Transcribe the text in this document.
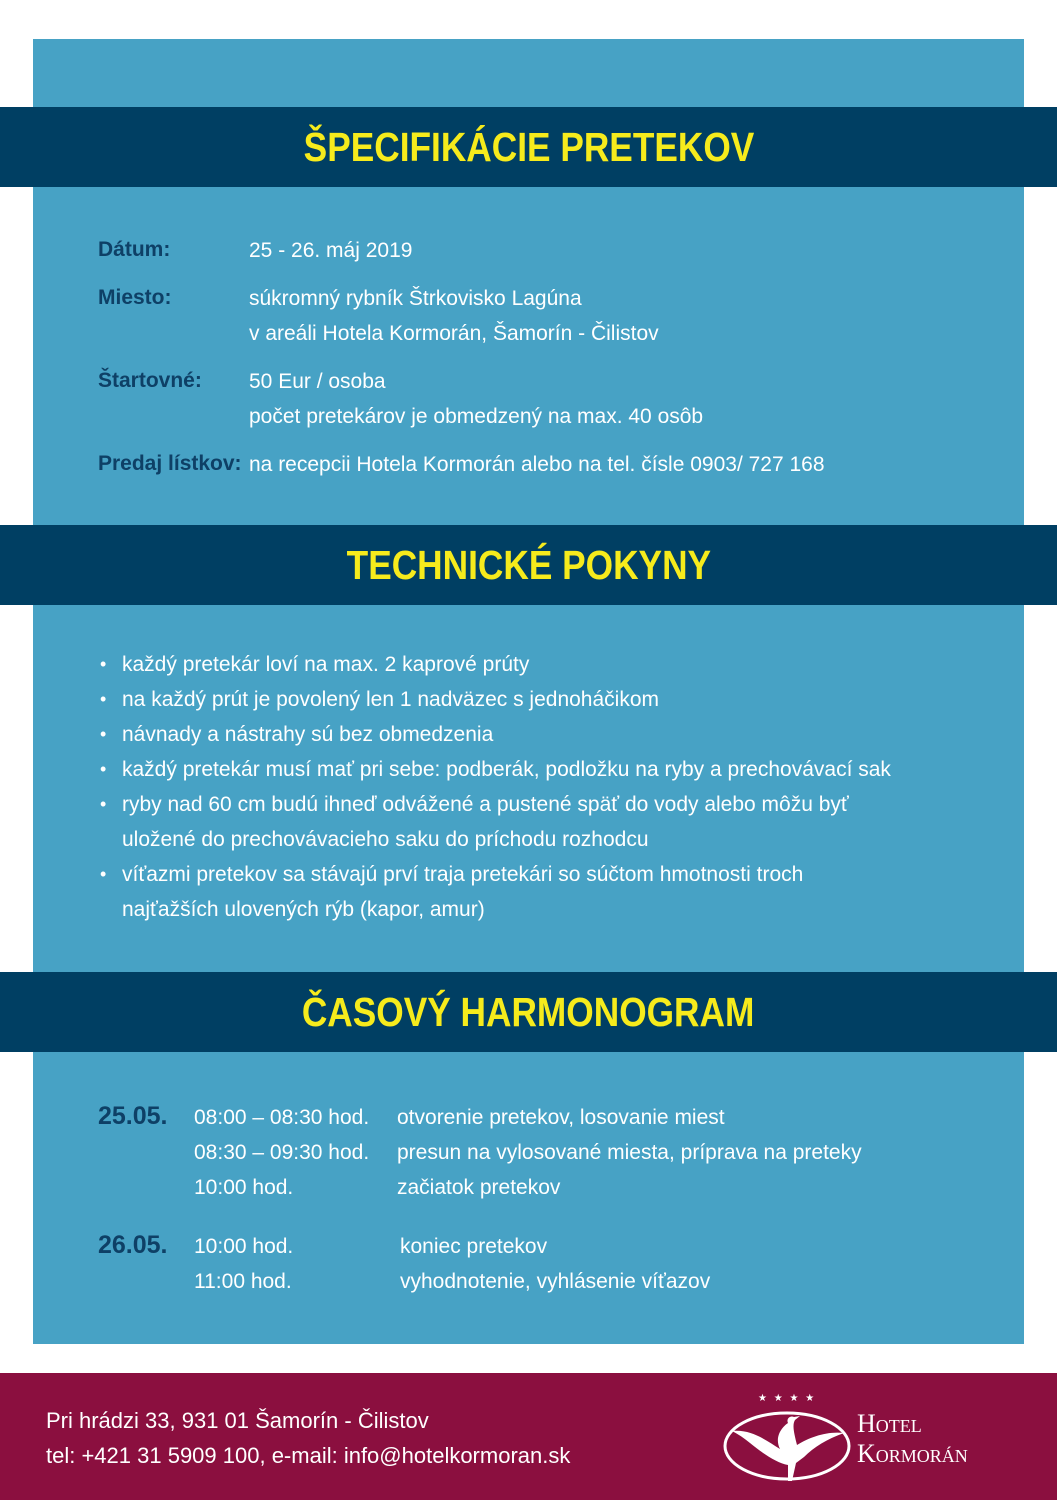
ŠPECIFIKÁCIE PRETEKOV
Dátum:	25 - 26. máj 2019
Miesto:	súkromný rybník Štrkovisko Lagúna
v areáli Hotela Kormorán, Šamorín - Čilistov
Štartovné: 50 Eur / osoba
počet pretekárov je obmedzený na max. 40 osôb
Predaj lístkov: na recepcii Hotela Kormorán alebo na tel. čísle 0903/ 727 168
TECHNICKÉ POKYNY
• každý pretekár loví na max. 2 kaprové prúty
• na každý prút je povolený len 1 nadväzec s jednoháčikom
• návnady a nástrahy sú bez obmedzenia
• každý pretekár musí mať pri sebe: podberák, podložku na ryby a prechovávací sak
• ryby nad 60 cm budú ihneď odvážené a pustené späť do vody alebo môžu byť uložené do prechovávacieho saku do príchodu rozhodcu
• víťazmi pretekov sa stávajú prví traja pretekári so súčtom hmotnosti troch najťažších ulovených rýb (kapor, amur)
ČASOVÝ HARMONOGRAM
25.05. 08:00 – 08:30 hod. otvorenie pretekov, losovanie miest
08:30 – 09:30 hod. presun na vylosované miesta, príprava na preteky
10:00 hod.	začiatok pretekov
26.05. 10:00 hod.	koniec pretekov
11:00 hod.	vyhodnotenie, vyhlásenie víťazov
Pri hrádzi 33, 931 01 Šamorín - Čilistov
tel: +421 31 5909 100, e-mail: info@hotelkormoran.sk
★ ★ ★ ★
Hotel
Kormorán
